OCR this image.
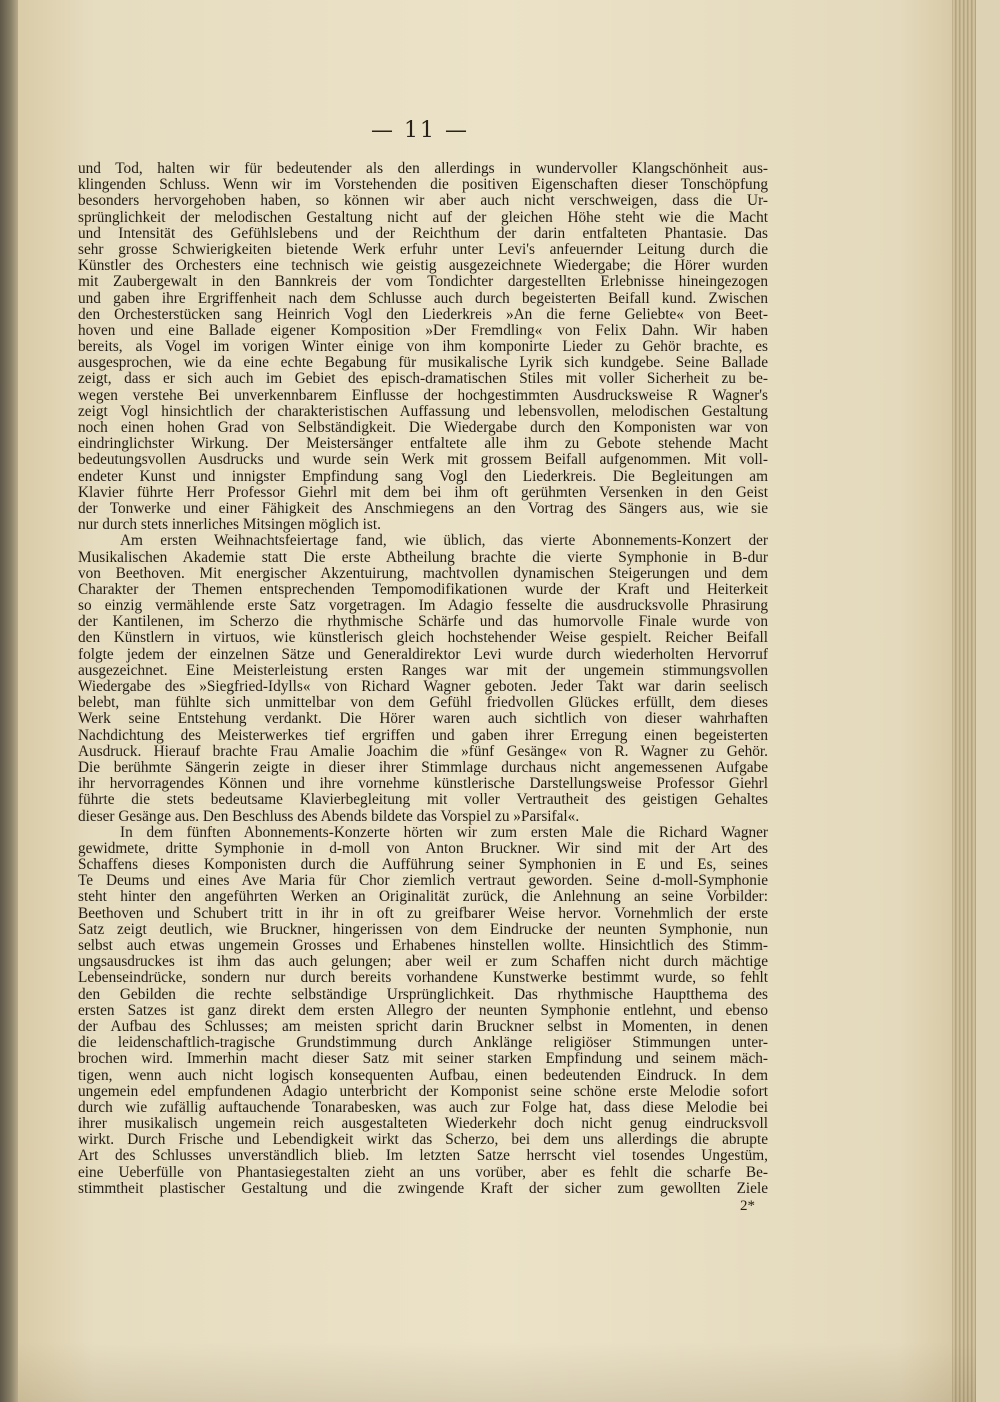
— 11 —
und Tod, halten wir für bedeutender als den allerdings in wundervoller Klangschönheit aus-
klingenden Schluss. Wenn wir im Vorstehenden die positiven Eigenschaften dieser Tonschöpfung
besonders hervorgehoben haben, so können wir aber auch nicht verschweigen, dass die Ur-
sprünglichkeit der melodischen Gestaltung nicht auf der gleichen Höhe steht wie die Macht
und Intensität des Gefühlslebens und der Reichthum der darin entfalteten Phantasie. Das
sehr grosse Schwierigkeiten bietende Werk erfuhr unter Levi's anfeuernder Leitung durch die
Künstler des Orchesters eine technisch wie geistig ausgezeichnete Wiedergabe; die Hörer wurden
mit Zaubergewalt in den Bannkreis der vom Tondichter dargestellten Erlebnisse hineingezogen
und gaben ihre Ergriffenheit nach dem Schlusse auch durch begeisterten Beifall kund. Zwischen
den Orchesterstücken sang Heinrich Vogl den Liederkreis »An die ferne Geliebte« von Beet-
hoven und eine Ballade eigener Komposition »Der Fremdling« von Felix Dahn. Wir haben
bereits, als Vogel im vorigen Winter einige von ihm komponirte Lieder zu Gehör brachte, es
ausgesprochen, wie da eine echte Begabung für musikalische Lyrik sich kundgebe. Seine Ballade
zeigt, dass er sich auch im Gebiet des episch-dramatischen Stiles mit voller Sicherheit zu be-
wegen verstehe Bei unverkennbarem Einflusse der hochgestimmten Ausdrucksweise R Wagner's
zeigt Vogl hinsichtlich der charakteristischen Auffassung und lebensvollen, melodischen Gestaltung
noch einen hohen Grad von Selbständigkeit. Die Wiedergabe durch den Komponisten war von
eindringlichster Wirkung. Der Meistersänger entfaltete alle ihm zu Gebote stehende Macht
bedeutungsvollen Ausdrucks und wurde sein Werk mit grossem Beifall aufgenommen. Mit voll-
endeter Kunst und innigster Empfindung sang Vogl den Liederkreis. Die Begleitungen am
Klavier führte Herr Professor Giehrl mit dem bei ihm oft gerühmten Versenken in den Geist
der Tonwerke und einer Fähigkeit des Anschmiegens an den Vortrag des Sängers aus, wie sie
nur durch stets innerliches Mitsingen möglich ist.
Am ersten Weihnachtsfeiertage fand, wie üblich, das vierte Abonnements-Konzert der
Musikalischen Akademie statt Die erste Abtheilung brachte die vierte Symphonie in B-dur
von Beethoven. Mit energischer Akzentuirung, machtvollen dynamischen Steigerungen und dem
Charakter der Themen entsprechenden Tempomodifikationen wurde der Kraft und Heiterkeit
so einzig vermählende erste Satz vorgetragen. Im Adagio fesselte die ausdrucksvolle Phrasirung
der Kantilenen, im Scherzo die rhythmische Schärfe und das humorvolle Finale wurde von
den Künstlern in virtuos, wie künstlerisch gleich hochstehender Weise gespielt. Reicher Beifall
folgte jedem der einzelnen Sätze und Generaldirektor Levi wurde durch wiederholten Hervorruf
ausgezeichnet. Eine Meisterleistung ersten Ranges war mit der ungemein stimmungsvollen
Wiedergabe des »Siegfried-Idylls« von Richard Wagner geboten. Jeder Takt war darin seelisch
belebt, man fühlte sich unmittelbar von dem Gefühl friedvollen Glückes erfüllt, dem dieses
Werk seine Entstehung verdankt. Die Hörer waren auch sichtlich von dieser wahrhaften
Nachdichtung des Meisterwerkes tief ergriffen und gaben ihrer Erregung einen begeisterten
Ausdruck. Hierauf brachte Frau Amalie Joachim die »fünf Gesänge« von R. Wagner zu Gehör.
Die berühmte Sängerin zeigte in dieser ihrer Stimmlage durchaus nicht angemessenen Aufgabe
ihr hervorragendes Können und ihre vornehme künstlerische Darstellungsweise Professor Giehrl
führte die stets bedeutsame Klavierbegleitung mit voller Vertrautheit des geistigen Gehaltes
dieser Gesänge aus. Den Beschluss des Abends bildete das Vorspiel zu »Parsifal«.
In dem fünften Abonnements-Konzerte hörten wir zum ersten Male die Richard Wagner
gewidmete, dritte Symphonie in d-moll von Anton Bruckner. Wir sind mit der Art des
Schaffens dieses Komponisten durch die Aufführung seiner Symphonien in E und Es, seines
Te Deums und eines Ave Maria für Chor ziemlich vertraut geworden. Seine d-moll-Symphonie
steht hinter den angeführten Werken an Originalität zurück, die Anlehnung an seine Vorbilder:
Beethoven und Schubert tritt in ihr in oft zu greifbarer Weise hervor. Vornehmlich der erste
Satz zeigt deutlich, wie Bruckner, hingerissen von dem Eindrucke der neunten Symphonie, nun
selbst auch etwas ungemein Grosses und Erhabenes hinstellen wollte. Hinsichtlich des Stimm-
ungsausdruckes ist ihm das auch gelungen; aber weil er zum Schaffen nicht durch mächtige
Lebenseindrücke, sondern nur durch bereits vorhandene Kunstwerke bestimmt wurde, so fehlt
den Gebilden die rechte selbständige Ursprünglichkeit. Das rhythmische Hauptthema des
ersten Satzes ist ganz direkt dem ersten Allegro der neunten Symphonie entlehnt, und ebenso
der Aufbau des Schlusses; am meisten spricht darin Bruckner selbst in Momenten, in denen
die leidenschaftlich-tragische Grundstimmung durch Anklänge religiöser Stimmungen unter-
brochen wird. Immerhin macht dieser Satz mit seiner starken Empfindung und seinem mäch-
tigen, wenn auch nicht logisch konsequenten Aufbau, einen bedeutenden Eindruck. In dem
ungemein edel empfundenen Adagio unterbricht der Komponist seine schöne erste Melodie sofort
durch wie zufällig auftauchende Tonarabesken, was auch zur Folge hat, dass diese Melodie bei
ihrer musikalisch ungemein reich ausgestalteten Wiederkehr doch nicht genug eindrucksvoll
wirkt. Durch Frische und Lebendigkeit wirkt das Scherzo, bei dem uns allerdings die abrupte
Art des Schlusses unverständlich blieb. Im letzten Satze herrscht viel tosendes Ungestüm,
eine Ueberfülle von Phantasiegestalten zieht an uns vorüber, aber es fehlt die scharfe Be-
stimmtheit plastischer Gestaltung und die zwingende Kraft der sicher zum gewollten Ziele
2*
